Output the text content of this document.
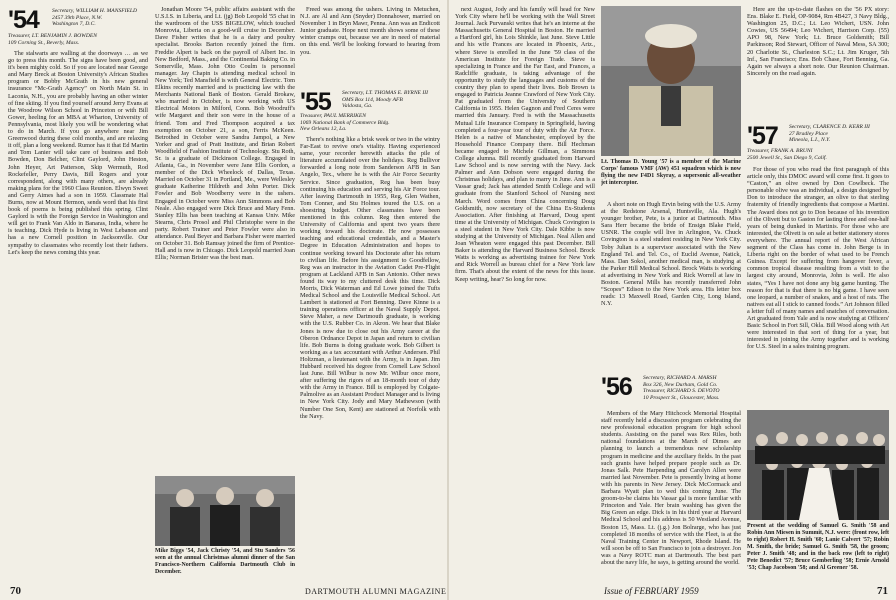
'54 Secretary, WILLIAM H. MANSFIELD
2457 39th Place, N.W.
Washington 7, D.C.
Treasurer, LT. BENJAMIN J. BOWDEN
109 Corning St., Beverly, Mass.

The stalwarts are walling at the doorways … as we go to press this month. The signs have been good, and it's been mighty cold. So if you are located near George and Mary Breck at Boston University's African Studies program or Bobby McGrath in his new general insurance “Mc-Grath Agency” on North Main St. in Laconia, N.H., you are probably having an other winter of fine skiing. If you find yourself around Jerry Evans at the Woodrow Wilson School in Princeton or with Bill Gower, heeling for an MBA at Wharton, University of Pennsylvania, most likely you will be wondering what to do in March. If you go anywhere near Jim Greenwood during these cold months, and are relaxing it off, plan a long weekend. Rumor has it that Ed Martin and Tom Lanier will take care of business and Bob Bowden, Don Belcher, Clint Gaylord, John Heston, John Heyer, Art Patterson, Skip Wermuth, Rod Rockefeller, Perry Davis, Bill Rogers and your correspondent, along with many others, are already making plans for the 1960 Class Reunion. Elwyn Sweet and Gerry Aimes had a son in 1959. Classmate Hal Burns, now at Mount Hermon, sends word that his first book of poems is being published this spring. Clint Gaylord is with the Foreign Service in Washington and will get to Frank Van Aldo in Banaras, India, where he is teaching. Dick Hyde is living in West Lebanon and has a new Cornell position in Jacksonville. Our sympathy to classmates who recently lost their fathers. Let's keep the news coming this year.

Jonathan Moore '54, public affairs assistant with the U.S.I.S. in Liberia, and Lt. (jg) Bob Leopold '55 chat in the wardroom of the USS BIGELOW, which touched Monrovia, Liberia on a good-will cruise in December. Dave Fisher writes that he is a dairy and poultry specialist. Brooks Barton recently joined the firm. Freddie Alpert is back on the payroll of Albert Inc. in New Bedford, Mass., and the Continental Baking Co. in Somerville, Mass. John Otto Coulm is personnel manager. Jay Chapin is attending medical school in New York; Ted Mansfield is with General Electric. Tom Elkins recently married and is practicing law with the Merchants National Bank of Boston. Gerald Brokaw, who married in October, is now working with US Electrical Motors in Milford, Conn. Bob Woodruff's wife Margaret and their son were in the house of a friend. Tom and Fred Thompson acquired a tax exemption on October 21, a son, Ferris McKeen. Betrothed in October were Sandra Jampol, a New Yorker and grad of Pratt Institute, and Brian Robert Woodfield of Fashion Institute of Technology. Stu Roth, Sr. is a graduate of Dickinson College. Engaged in Atlanta, Ga., in November were Jane Ellis Gordon, a member of the Dick Wheelock of Dallas, Texas. Married on October 31 in Portland, Me., were Wellesley graduate Katherine Hildreth and John Porter. Dick Fowler and Bob Woodberry were in the ushers. Engaged in October were Miss Ann Simmons and Bob Neale. Also engaged were Dick Bruce and Mary Fenn. Stanley Ellis has been teaching at Kansas Univ. Mike Stearns, Chris Prosol and Phil Christophe were in the party. Robert Trainer and Peter Fowler were also in attendance. Paul Beyer and Barbara Fisher were married on October 31. Bob Ramsay joined the firm of Prentice-Hall and is now in Chicago. Dick Leopold married Joan Ellis; Norman Brister was the best man.

Mike Biggs '54, Jack Christy '54, and Stu Sanders '56 seen at the annual Christmas alumni dinner of the San Francisco-Northern California Dartmouth Club in December.

Freed was among the ushers. Living in Metuchen, N.J. are Al and Ann (Snyder) Donnahower, married on November 1 in Bryn Mawr, Penna. Ann was an Endicott Junior graduate. Hope next month shows some of these winter cramps out, because we are in need of material on this end. We'll be looking forward to hearing from you.

'55 Secretary, LT. THOMAS E. BYRNE III
OMS Box 114, Moody AFB
Valdosta, Ga.
Treasurer, PAUL MERRIKEN
1069 National Bank of Commerce Bldg.
New Orleans 12, La.

There's nothing like a brisk week or two in the wintry Far-East to revive one's vitality. Having experienced same, your recorder herewith attacks the pile of literature accumulated over the holidays. Reg Bullivor forwarded a long note from Sanderson AFB in San Angelo, Tex., where he is with the Air Force Security Service. Since graduation, Reg has been busy continuing his education and serving his Air Force tour. After leaving Dartmouth in 1955, Reg, Glen Wathen, Tom Conner, and Stu Holmes toured the U.S. on a shoestring budget. Other classmates have been mentioned in this column. Reg then entered the University of California and spent two years there working toward his doctorate. He now possesses teaching and educational credentials, and a Master's Degree in Education Administration and hopes to continue working toward his Doctorate after his return to civilian life. Before his assignment to Goodfellow, Reg was an instructor in the Aviation Cadet Pre-Flight program at Lackland AFB in San Antonio. Other news found its way to my cluttered desk this time. Dick Morris, Dick Waterman and Ed Lowe joined the Tufts Medical School and the Louisville Medical School. Art Lambert is stationed at Fort Benning. Dave Kinne is a training operations officer at the Naval Supply Depot. Steve Maher, a new Dartmouth graduate, is working with the U.S. Rubber Co. in Akron. We hear that Blake Jones is now due to close out his Army career at the Oberon Ordnance Depot in Japan and return to civilian life. Bob Burns is doing graduate work. Bob Gilbert is working as a tax accountant with Arthur Andersen. Phil Holtzman, a lieutenant with the Army, is in Japan. Jim Hubbard received his degree from Cornell Law School last June. Bill Wilbur is now Mr. Wilbur once more, after suffering the rigors of an 18-month tour of duty with the Army in France. Bill is employed by Colgate-Palmolive as an Assistant Product Manager and is living in New York City. Jody and Mary Mathewson (with Number One Son, Kent) are stationed at Norfolk with the Navy.

70	DARTMOUTH ALUMNI MAGAZINE

next August, Jody and his family will head for New York City where he'll be working with the Wall Street Journal. Jack Purvanski writes that he's an interne at the Massachusetts General Hospital in Boston. He married a Hartford girl, his Lois Shinkle, last June. Steve Little and his wife Frances are located in Phoenix, Ariz., where Steve is enrolled in the June '59 class of the American Institute for Foreign Trade. Steve is specializing in France and the Far East, and Frances, a Radcliffe graduate, is taking advantage of the opportunity to study the languages and customs of the country they plan to spend their lives. Bob Brown is engaged to Patricia Jeanne Crawford of New York City. Pat graduated from the University of Southern California in 1955. Helen Gagnon and Fred Ceres were married this January. Fred is with the Massachusetts Mutual Life Insurance Company in Springfield, having completed a four-year tour of duty with the Air Force. Helen is a native of Manchester, employed by the Household Finance Company there. Bill Hechman became engaged to Michele Gillman, a Simmons College alumna. Bill recently graduated from Harvard Law School and is now serving with the Navy. Jack Palmer and Ann Dobson were engaged during the Christmas holidays, and plan to marry in June. Ann is a Vassar grad; Jack has attended Smith College and will graduate from the Stanford School of Nursing next March. Word comes from China concerning Doug Goldsmith, now secretary of the China Ex-Students Association. After finishing at Harvard, Doug spent time at the University of Michigan. Chuck Covington is a steel student in New York City. Dale Kibbe is now studying at the University of Michigan. Neal Allen and Joan Wheaton were engaged this past December. Bill Baker is attending the Harvard Business School. Brock Watts is working as advertising trainee for New York and Rick Worrell as bureau chief for a New York law firm. That's about the extent of the news for this issue. Keep writing, hear? So long for now.

Lt. Thomas D. Young '57 is a member of the Marine Corps' famous VMF (AW) 451 squadron which is now flying the new F4D1 Skyray, a supersonic all-weather jet interceptor.

A short note on Hugh Ervin being with the U.S. Army at the Redstone Arsenal, Huntsville, Ala. Hugh's younger brother, Pete, is a junior at Dartmouth. Miss Sara Herr became the bride of Ensign Blake Field, USNR. The couple will live in Arlington, Va. Chuck Covington is a steel student residing in New York City. Toby Julian is a supervisor associated with the New England Tel. and Tel. Co., of Euclid Avenue, Natick, Mass. Dan Sokol, another medical man, is studying at the Parker Hill Medical School. Brock Watts is working at advertising in New York and Rick Worrell at law in Boston. General Mills has recently transferred John “Scopes” Edison to the New York area. His letter box reads: 13 Maxwell Road, Garden City, Long Island, N.Y.

'56 Secretary, RICHARD A. MARSH
Box 326, New Durham, Gold Co.
Treasurer, RICHARD S. DEVOTO
10 Prospect St., Gloucester, Mass.

Members of the Mary Hitchcock Memorial Hospital staff recently held a discussion program celebrating the new professional education program for high school students. Assisting on the panel was Rex Riles, both national foundations at the March of Dimes are planning to launch a tremendous new scholarship program in medicine and the auxiliary fields. In the past such grants have helped prepare people such as Dr. Jonas Salk. Pete Harpending and Carolyn Allen were married last November. Pete is presently living at home with his parents in New Jersey. Dick McCormack and Barbara Wyatt plan to wed this coming June. The groom-to-be claims his Vassar gal is more familiar with Princeton and Yale. Her brain washing has given the Big Green an edge. Dick is in his third year at Harvard Medical School and his address is 50 Westland Avenue, Boston 15, Mass. Lt. (j.g.) Jon Bolrarge, who has just completed 18 months of service with the Fleet, is at the Naval Training Center in Newport, Rhode Island. He will soon be off to San Francisco to join a destroyer. Jon was a Navy ROTC man at Dartmouth. The best part about the navy life, he says, is getting around the world.

Here are the up-to-date flashes on the '56 PX story: Ens. Blake E. Field, OP-9084, Rm 4B427, 3 Navy Bldg., Washington 25, D.C.; Lt. Leo Wichert, USN. John Cowies, US 56494; Leo Wichert, Harrison Corp. (55) APO 98, New York; Lt. Bruce Goldsmith; Bill Parkinson; Rod Stewart, Officer of Naval Mess, SA 300; 20 Charlotte St., Charleston S.C.; Lt. Jim Kruger, 5th Inf., San Francisco; Ens. Bob Chase, Fort Benning, Ga. Again we always a short note. Our Reunion Chairman. Sincerely on the road again.

'57 Secretary, CLARENCE D. KERR III
27 Bradley Place
Mineola, L.I., N.Y.
Treasurer, FRANK A. BRUNI
2500 Jewell St., San Diego 9, Calif.

For those of you who read the first paragraph of this article only, this DMOC award will come first. It goes to “Caston,” an olive owned by Don Cowlbeck. The personable olive was an individual, a design designed by Don to introduce the stranger, an olive to that sterling fraternity of friendly ingredients that compose a Martini. The Award does not go to Don because of his invention of the Olivett but to Gaston for lasting three and one-half years of being dunked in Martinis. For those who are interested, the Olivett is on sale at better stationery stores everywhere. The annual report of the West African segment of the Class has come in. John Berge is in Liberia right on the border of what used to be French Guinea. Except for suffering from hangover fever, a common tropical disease resulting from a visit to the largest city around, Monrovia, John is well. He also states, “Yes I have not done any big game hunting. The reason for that is that there is no big game. I have seen one leopard, a number of snakes, and a host of rats. The natives eat all I stick to canned foods.” Art Johnson filled a letter full of many names and snatches of conversation. Art graduated from Yale and is now studying at Officers' Basic School in Fort Sill, Okla. Bill Wood along with Art were interested in that sort of thing for a year, but interested in joining the Army together and is working for U.S. Steel in a sales training program.

Present at the wedding of Samuel G. Smith '58 and Robin Ann Miesen in Summit, N.J. were: (front row, left to right) Robert H. Smith '60; Lanie Calvert '57; Robin M. Smith, the bride; Samuel G. Smith '58, the groom; Peter J. Smith '48; and in the back row (left to right) Pete Benedict '57; Bruce Gemberling '58; Ernie Arnold '53; Chap Jacobson '58; and Al Greener '58.
Issue of FEBRUARY 1959	71
